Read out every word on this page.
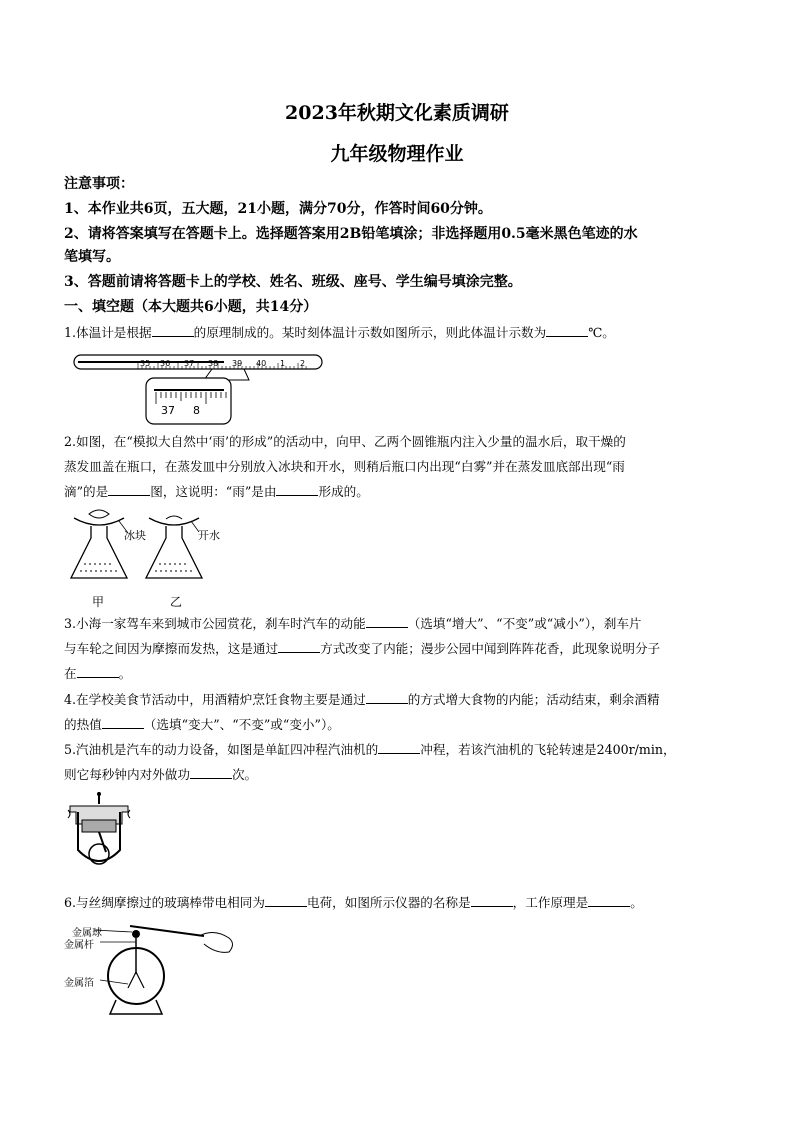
2023年秋期文化素质调研
九年级物理作业
注意事项：
1、本作业共6页，五大题，21小题，满分70分，作答时间60分钟。
2、请将答案填写在答题卡上。选择题答案用2B铅笔填涂；非选择题用0.5毫米黑色笔迹的水
笔填写。
3、答题前请将答题卡上的学校、姓名、班级、座号、学生编号填涂完整。
一、填空题（本大题共6小题，共14分）
1.体温计是根据	的原理制成的。某时刻体温计示数如图所示，则此体温计示数为	℃。
37 8
35 36 37 38 39 40 1 2
2.如图，在“模拟大自然中‘雨’的形成”的活动中，向甲、乙两个圆锥瓶内注入少量的温水后，取干燥的
蒸发皿盖在瓶口，在蒸发皿中分别放入冰块和开水，则稍后瓶口内出现“白雾”并在蒸发皿底部出现“雨
滴”的是	图，这说明：“雨”是由	形成的。
冰块	开水
甲	乙
3.小海一家驾车来到城市公园赏花，刹车时汽车的动能	（选填“增大”、“不变”或“减小”），刹车片
与车轮之间因为摩擦而发热，这是通过	方式改变了内能；漫步公园中闻到阵阵花香，此现象说明分子
在	。
4.在学校美食节活动中，用酒精炉烹饪食物主要是通过	的方式增大食物的内能；活动结束，剩余酒精
的热值	（选填“变大”、“不变”或“变小”）。
5.汽油机是汽车的动力设备，如图是单缸四冲程汽油机的	冲程，若该汽油机的飞轮转速是2400r/min，
则它每秒钟内对外做功	次。
6.与丝绸摩擦过的玻璃棒带电相同为	电荷，如图所示仪器的名称是	，工作原理是	。
金属球
金属杆
金属箔
